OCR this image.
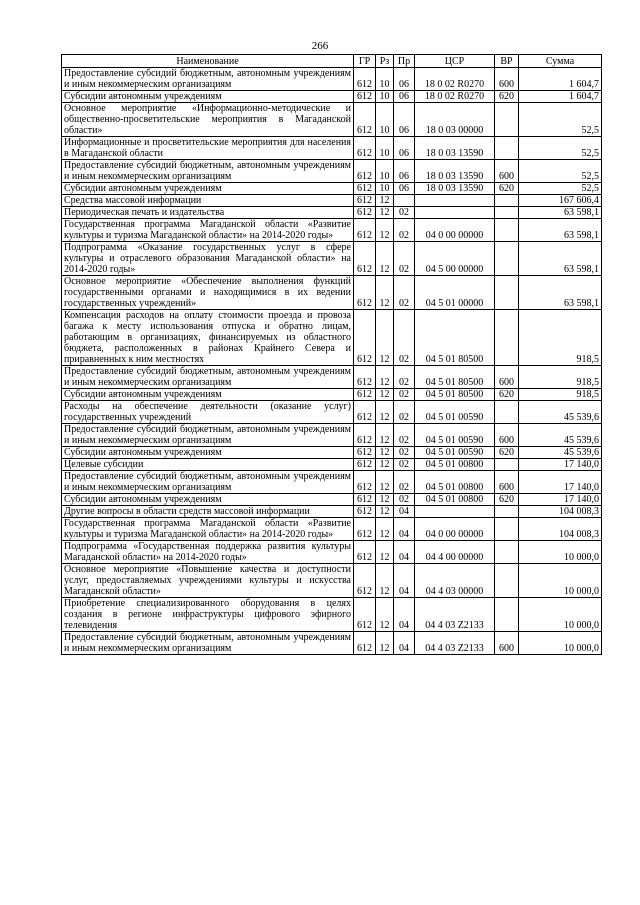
266
Наименование	ГР	Рз	Пр	ЦСР	ВР	Сумма
Предоставление субсидий бюджетным, автономным учреждениям и иным некоммерческим организациям	612	10	06	18 0 02 R0270	600	1 604,7
Субсидии автономным учреждениям	612	10	06	18 0 02 R0270	620	1 604,7
Основное мероприятие «Информационно-методические и общественно-просветительские мероприятия в Магаданской области»	612	10	06	18 0 03 00000		52,5
Информационные и просветительские мероприятия для населения в Магаданской области	612	10	06	18 0 03 13590		52,5
Предоставление субсидий бюджетным, автономным учреждениям и иным некоммерческим организациям	612	10	06	18 0 03 13590	600	52,5
Субсидии автономным учреждениям	612	10	06	18 0 03 13590	620	52,5
Средства массовой информации	612	12				167 606,4
Периодическая печать и издательства	612	12	02			63 598,1
Государственная программа Магаданской области «Развитие культуры и туризма Магаданской области» на 2014-2020 годы»	612	12	02	04 0 00 00000		63 598,1
Подпрограмма «Оказание государственных услуг в сфере культуры и отраслевого образования Магаданской области» на 2014-2020 годы»	612	12	02	04 5 00 00000		63 598,1
Основное мероприятие «Обеспечение выполнения функций государственными органами и находящимися в их ведении государственных учреждений»	612	12	02	04 5 01 00000		63 598,1
Компенсация расходов на оплату стоимости проезда и провоза багажа к месту использования отпуска и обратно лицам, работающим в организациях, финансируемых из областного бюджета, расположенных в районах Крайнего Севера и приравненных к ним местностях	612	12	02	04 5 01 80500		918,5
Предоставление субсидий бюджетным, автономным учреждениям и иным некоммерческим организациям	612	12	02	04 5 01 80500	600	918,5
Субсидии автономным учреждениям	612	12	02	04 5 01 80500	620	918,5
Расходы на обеспечение деятельности (оказание услуг) государственных учреждений	612	12	02	04 5 01 00590		45 539,6
Предоставление субсидий бюджетным, автономным учреждениям и иным некоммерческим организациям	612	12	02	04 5 01 00590	600	45 539,6
Субсидии автономным учреждениям	612	12	02	04 5 01 00590	620	45 539,6
Целевые субсидии	612	12	02	04 5 01 00800		17 140,0
Предоставление субсидий бюджетным, автономным учреждениям и иным некоммерческим организациям	612	12	02	04 5 01 00800	600	17 140,0
Субсидии автономным учреждениям	612	12	02	04 5 01 00800	620	17 140,0
Другие вопросы в области средств массовой информации	612	12	04			104 008,3
Государственная программа Магаданской области «Развитие культуры и туризма Магаданской области» на 2014-2020 годы»	612	12	04	04 0 00 00000		104 008,3
Подпрограмма «Государственная поддержка развития культуры Магаданской области» на 2014-2020 годы»	612	12	04	04 4 00 00000		10 000,0
Основное мероприятие «Повышение качества и доступности услуг, предоставляемых учреждениями культуры и искусства Магаданской области»	612	12	04	04 4 03 00000		10 000,0
Приобретение специализированного оборудования в целях создания в регионе инфраструктуры цифрового эфирного телевидения	612	12	04	04 4 03 Z2133		10 000,0
Предоставление субсидий бюджетным, автономным учреждениям и иным некоммерческим организациям	612	12	04	04 4 03 Z2133	600	10 000,0
